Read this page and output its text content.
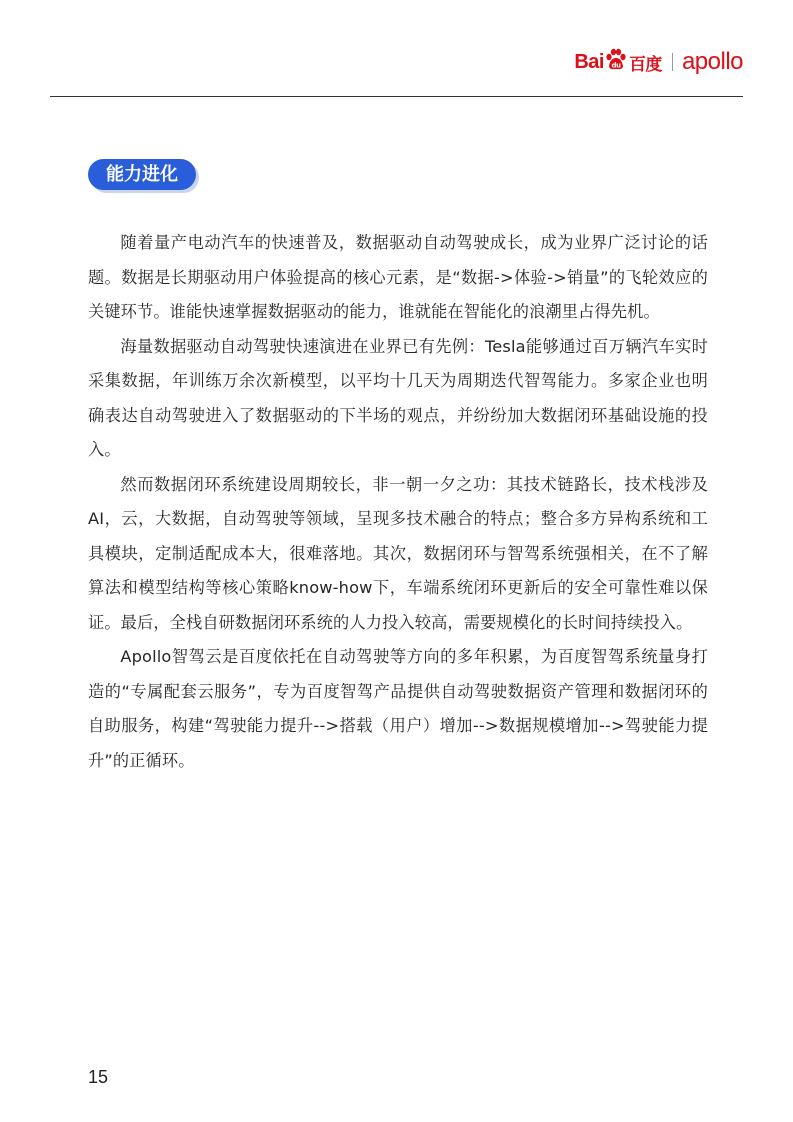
Bai du 百度 apollo
能力进化

随着量产电动汽车的快速普及，数据驱动自动驾驶成长，成为业界广泛讨论的话题。数据是长期驱动用户体验提高的核心元素，是“数据->体验->销量”的飞轮效应的关键环节。谁能快速掌握数据驱动的能力，谁就能在智能化的浪潮里占得先机。

海量数据驱动自动驾驶快速演进在业界已有先例：Tesla能够通过百万辆汽车实时采集数据，年训练万余次新模型，以平均十几天为周期迭代智驾能力。多家企业也明确表达自动驾驶进入了数据驱动的下半场的观点，并纷纷加大数据闭环基础设施的投入。

然而数据闭环系统建设周期较长，非一朝一夕之功：其技术链路长，技术栈涉及AI，云，大数据，自动驾驶等领域，呈现多技术融合的特点；整合多方异构系统和工具模块，定制适配成本大，很难落地。其次，数据闭环与智驾系统强相关，在不了解算法和模型结构等核心策略know-how下，车端系统闭环更新后的安全可靠性难以保证。最后，全栈自研数据闭环系统的人力投入较高，需要规模化的长时间持续投入。

Apollo智驾云是百度依托在自动驾驶等方向的多年积累，为百度智驾系统量身打造的“专属配套云服务”，专为百度智驾产品提供自动驾驶数据资产管理和数据闭环的自助服务，构建“驾驶能力提升-->搭载（用户）增加-->数据规模增加-->驾驶能力提升”的正循环。

15
